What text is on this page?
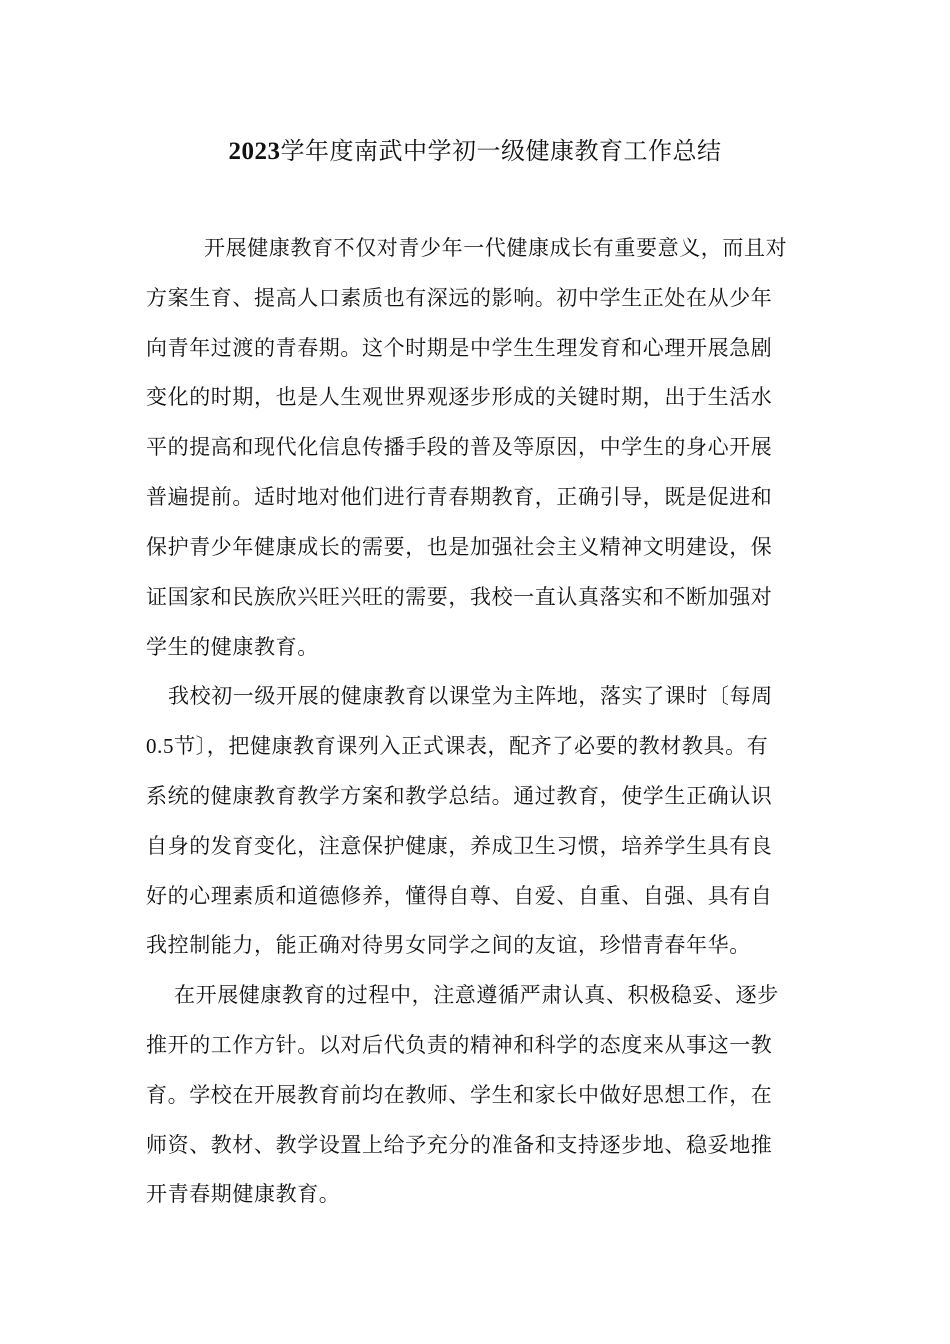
2023学年度南武中学初一级健康教育工作总结
开展健康教育不仅对青少年一代健康成长有重要意义，而且对
方案生育、提高人口素质也有深远的影响。初中学生正处在从少年
向青年过渡的青春期。这个时期是中学生生理发育和心理开展急剧
变化的时期，也是人生观世界观逐步形成的关键时期，出于生活水
平的提高和现代化信息传播手段的普及等原因，中学生的身心开展
普遍提前。适时地对他们进行青春期教育，正确引导，既是促进和
保护青少年健康成长的需要，也是加强社会主义精神文明建设，保
证国家和民族欣兴旺兴旺的需要，我校一直认真落实和不断加强对
学生的健康教育。
我校初一级开展的健康教育以课堂为主阵地，落实了课时〔每周
0.5节〕，把健康教育课列入正式课表，配齐了必要的教材教具。有
系统的健康教育教学方案和教学总结。通过教育，使学生正确认识
自身的发育变化，注意保护健康，养成卫生习惯，培养学生具有良
好的心理素质和道德修养，懂得自尊、自爱、自重、自强、具有自
我控制能力，能正确对待男女同学之间的友谊，珍惜青春年华。
在开展健康教育的过程中，注意遵循严肃认真、积极稳妥、逐步
推开的工作方针。以对后代负责的精神和科学的态度来从事这一教
育。学校在开展教育前均在教师、学生和家长中做好思想工作，在
师资、教材、教学设置上给予充分的准备和支持逐步地、稳妥地推
开青春期健康教育。
